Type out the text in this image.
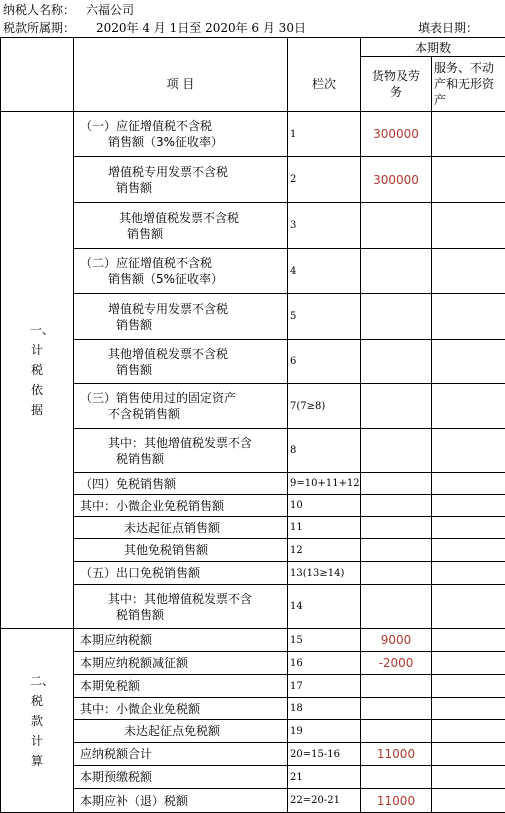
纳税人名称： 六福公司
税款所属期： 2020年 4 月 1日至 2020年 6 月 30日	填表日期：
			本期数	
	项 目	栏次	货物及劳务	服务、不动产和无形资产
一、计税依据	（一）应征增值税不含税
销售额（3%征收率）	1	300000	

	增值税专用发票不含税
销售额	2	300000	

	其他增值税发票不含税
销售额	3		

	（二）应征增值税不含税
销售额（5%征收率）	4		

	增值税专用发票不含税
销售额	5		

	其他增值税发票不含税
销售额	6		

	（三）销售使用过的固定资产
不含税销售额	7(7≥8)		

	其中：其他增值税发票不含
税销售额	8		

	（四）免税销售额	9=10+11+12		

	其中：小微企业免税销售额	10		

	未达起征点销售额	11		

	其他免税销售额	12		

	（五）出口免税销售额	13(13≥14)		

	其中：其他增值税发票不含
税销售额	14		
二、税款计算	本期应纳税额	15	9000	

	本期应纳税额减征额	16	-2000	

	本期免税额	17		

	其中：小微企业免税额	18		

	未达起征点免税额	19		

	应纳税额合计	20=15-16	11000	

	本期预缴税额	21		

	本期应补（退）税额	22=20-21	11000	
